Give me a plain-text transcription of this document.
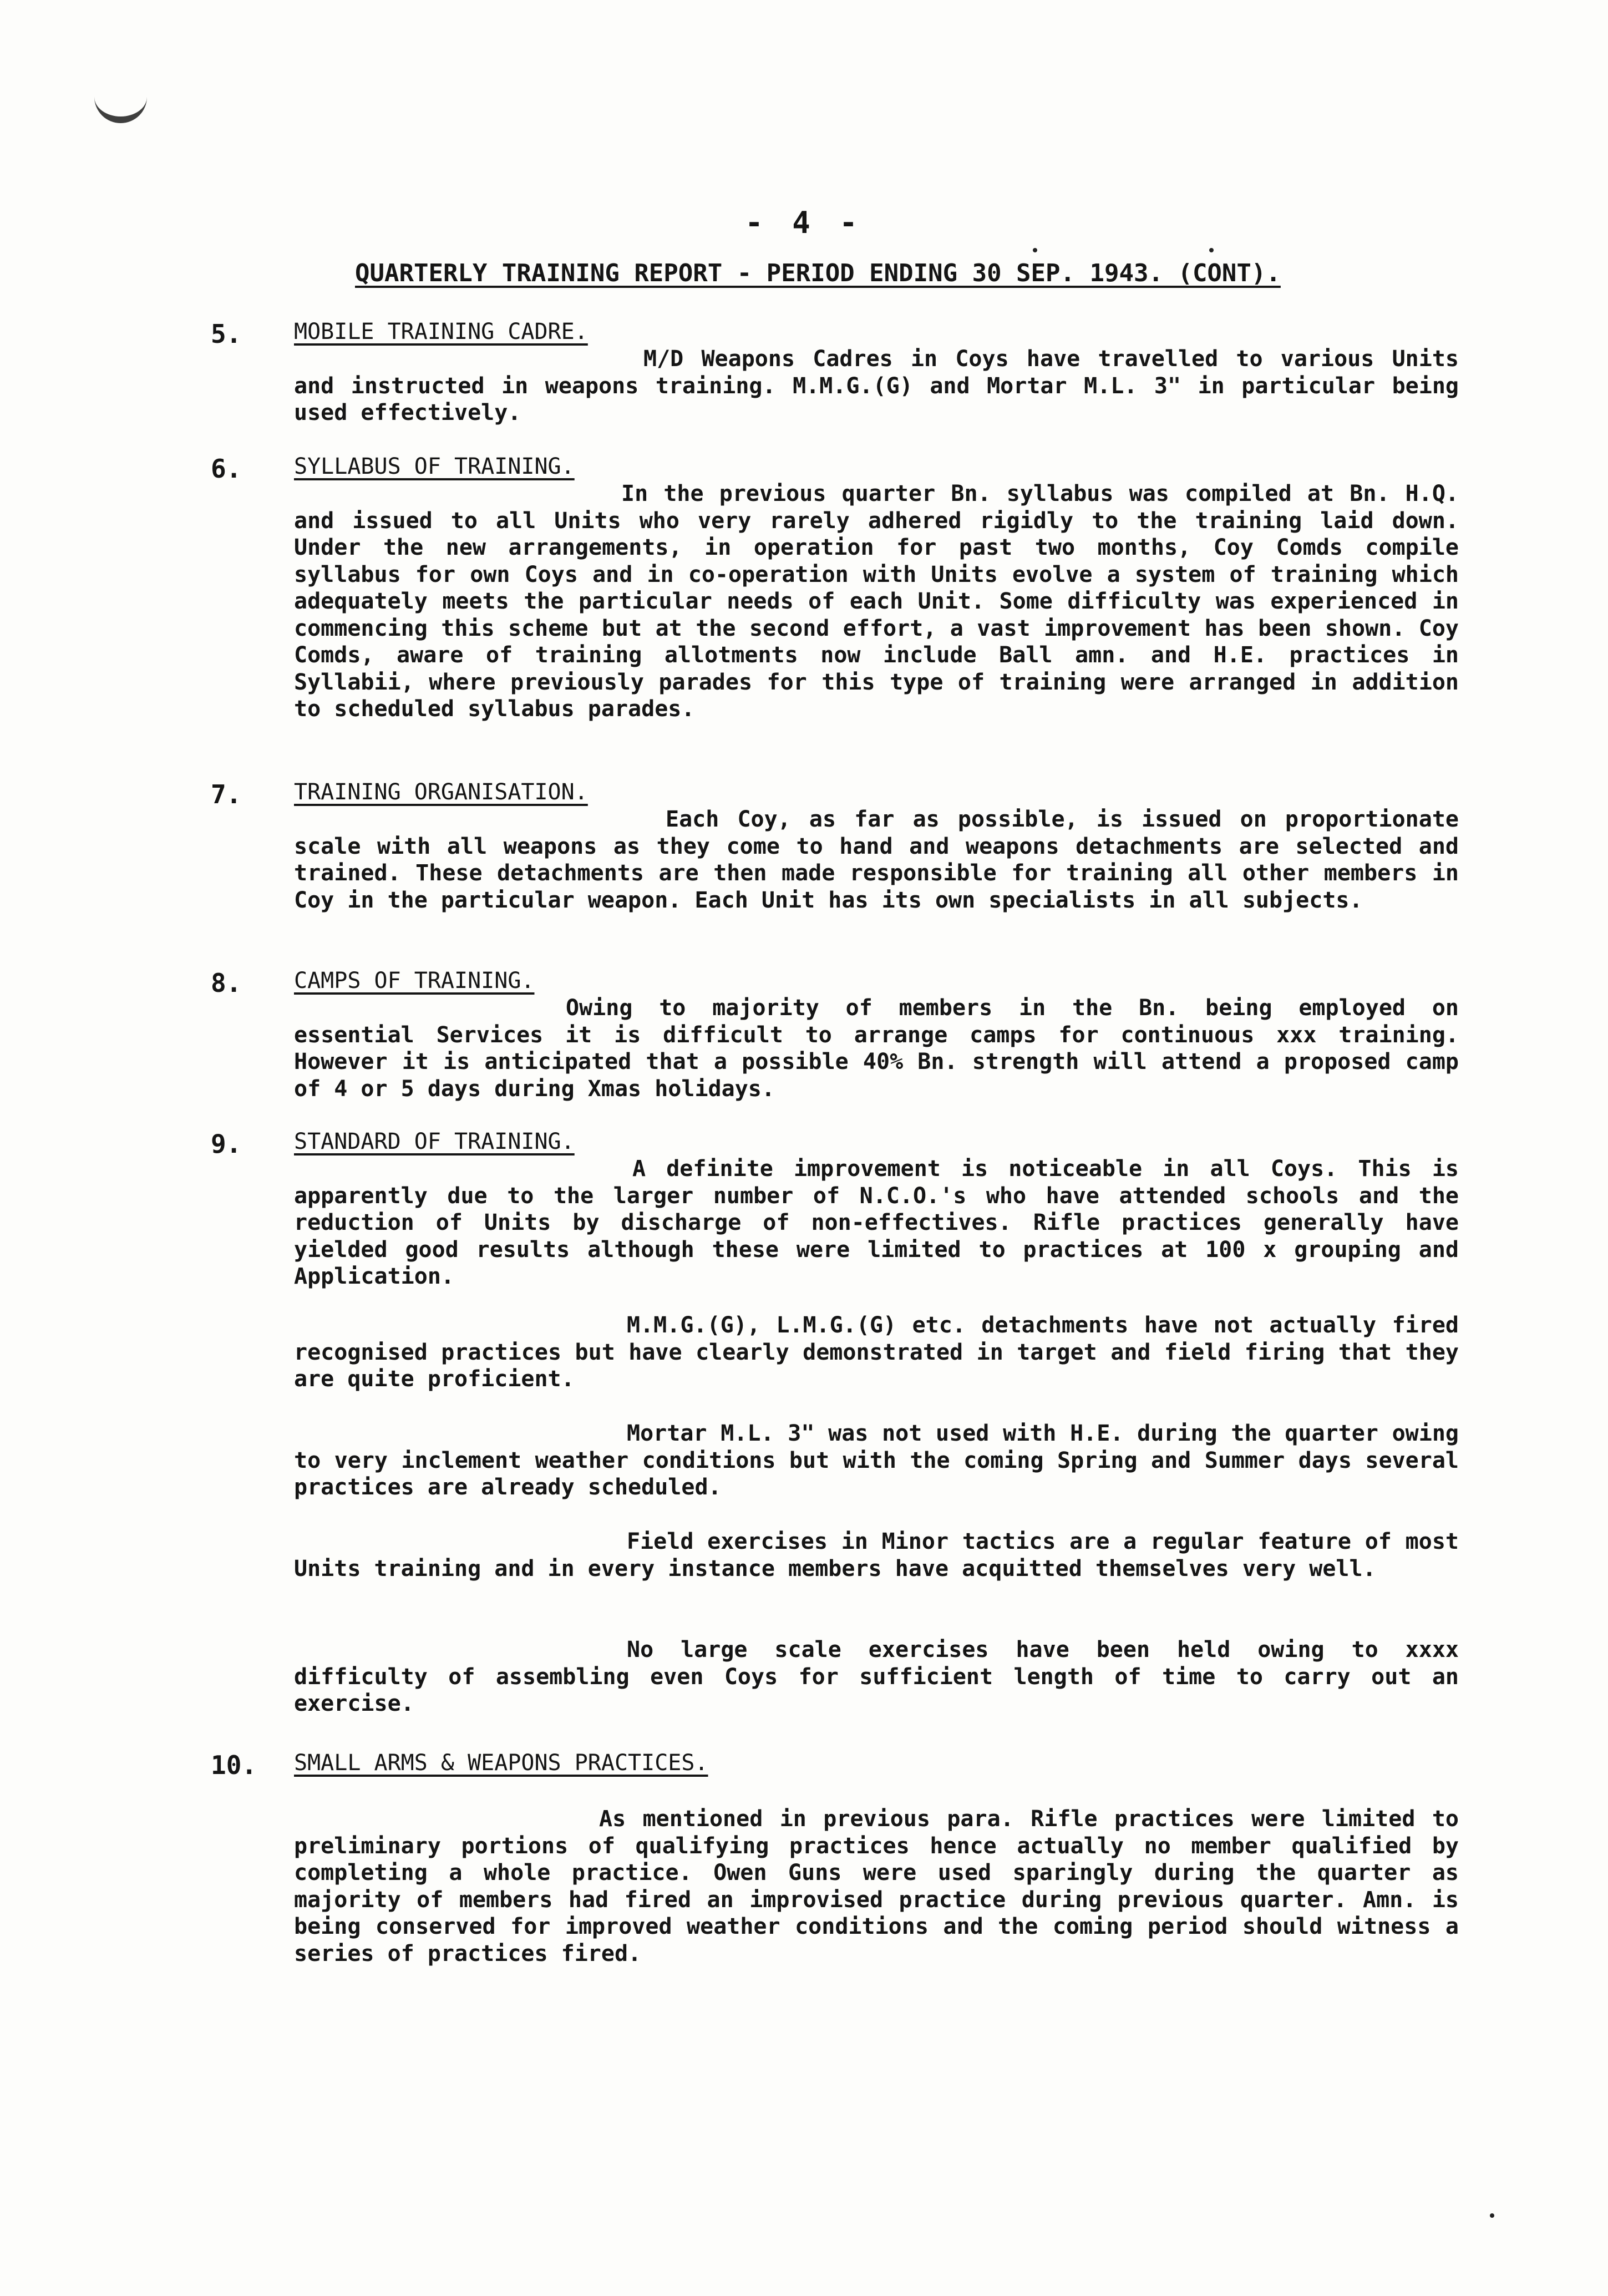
- 4 -
QUARTERLY TRAINING REPORT - PERIOD ENDING 30 SEP. 1943. (CONT).
5. MOBILE TRAINING CADRE.

M/D Weapons Cadres in Coys have travelled to various Units and instructed in weapons training. M.M.G.(G) and Mortar M.L. 3" in particular being used effectively.

6. SYLLABUS OF TRAINING.

In the previous quarter Bn. syllabus was compiled at Bn. H.Q. and issued to all Units who very rarely adhered rigidly to the training laid down. Under the new arrangements, in operation for past two months, Coy Comds compile syllabus for own Coys and in co-operation with Units evolve a system of training which adequately meets the particular needs of each Unit. Some difficulty was experienced in commencing this scheme but at the second effort, a vast improvement has been shown. Coy Comds, aware of training allotments now include Ball amn. and H.E. practices in Syllabii, where previously parades for this type of training were arranged in addition to scheduled syllabus parades.

7. TRAINING ORGANISATION.

Each Coy, as far as possible, is issued on proportionate scale with all weapons as they come to hand and weapons detachments are selected and trained. These detachments are then made responsible for training all other members in Coy in the particular weapon. Each Unit has its own specialists in all subjects.

8. CAMPS OF TRAINING.

Owing to majority of members in the Bn. being employed on essential Services it is difficult to arrange camps for continuous xxx training. However it is anticipated that a possible 40% Bn. strength will attend a proposed camp of 4 or 5 days during Xmas holidays.

9. STANDARD OF TRAINING.

A definite improvement is noticeable in all Coys. This is apparently due to the larger number of N.C.O.'s who have attended schools and the reduction of Units by discharge of non-effectives. Rifle practices generally have yielded good results although these were limited to practices at 100 x grouping and Application.

M.M.G.(G), L.M.G.(G) etc. detachments have not actually fired recognised practices but have clearly demonstrated in target and field firing that they are quite proficient.

Mortar M.L. 3" was not used with H.E. during the quarter owing to very inclement weather conditions but with the coming Spring and Summer days several practices are already scheduled.

Field exercises in Minor tactics are a regular feature of most Units training and in every instance members have acquitted themselves very well.

No large scale exercises have been held owing to xxxx difficulty of assembling even Coys for sufficient length of time to carry out an exercise.

10. SMALL ARMS & WEAPONS PRACTICES.

As mentioned in previous para. Rifle practices were limited to preliminary portions of qualifying practices hence actually no member qualified by completing a whole practice. Owen Guns were used sparingly during the quarter as majority of members had fired an improvised practice during previous quarter. Amn. is being conserved for improved weather conditions and the coming period should witness a series of practices fired.
